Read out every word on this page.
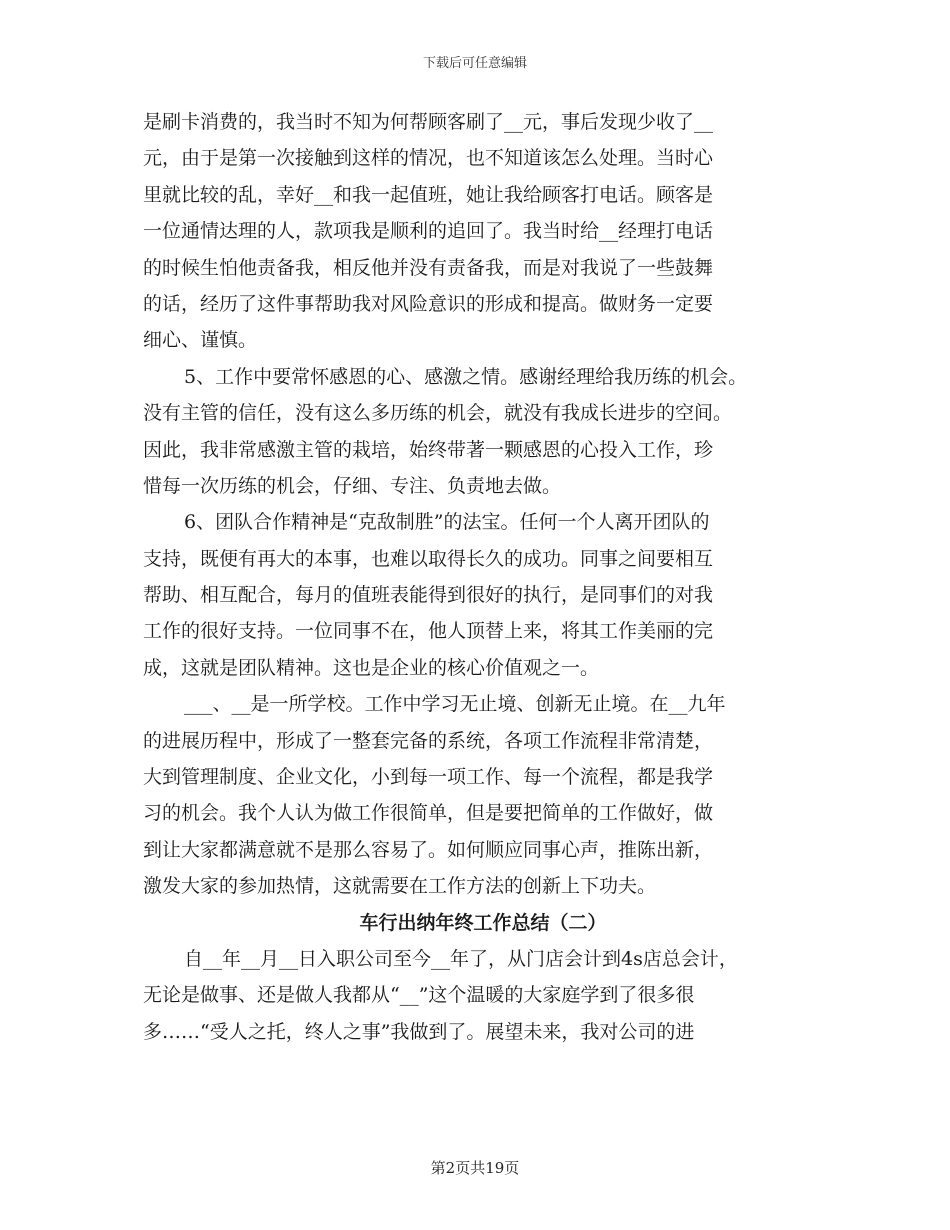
下载后可任意编辑
是刷卡消费的，我当时不知为何帮顾客刷了__元，事后发现少收了__
元，由于是第一次接触到这样的情况，也不知道该怎么处理。当时心
里就比较的乱，幸好__和我一起值班，她让我给顾客打电话。顾客是
一位通情达理的人，款项我是顺利的追回了。我当时给__经理打电话
的时候生怕他责备我，相反他并没有责备我，而是对我说了一些鼓舞
的话，经历了这件事帮助我对风险意识的形成和提高。做财务一定要
细心、谨慎。
5、工作中要常怀感恩的心、感激之情。感谢经理给我历练的机会。
没有主管的信任，没有这么多历练的机会，就没有我成长进步的空间。
因此，我非常感激主管的栽培，始终带著一颗感恩的心投入工作，珍
惜每一次历练的机会，仔细、专注、负责地去做。
6、团队合作精神是“克敌制胜”的法宝。任何一个人离开团队的
支持，既便有再大的本事，也难以取得长久的成功。同事之间要相互
帮助、相互配合，每月的值班表能得到很好的执行，是同事们的对我
工作的很好支持。一位同事不在，他人顶替上来，将其工作美丽的完
成，这就是团队精神。这也是企业的核心价值观之一。
___、__是一所学校。工作中学习无止境、创新无止境。在__九年
的进展历程中，形成了一整套完备的系统，各项工作流程非常清楚，
大到管理制度、企业文化，小到每一项工作、每一个流程，都是我学
习的机会。我个人认为做工作很简单，但是要把简单的工作做好，做
到让大家都满意就不是那么容易了。如何顺应同事心声，推陈出新，
激发大家的参加热情，这就需要在工作方法的创新上下功夫。
车行出纳年终工作总结（二）
自__年__月__日入职公司至今__年了，从门店会计到4s店总会计，
无论是做事、还是做人我都从“__”这个温暖的大家庭学到了很多很
多……“受人之托，终人之事”我做到了。展望未来，我对公司的进
第2页共19页
